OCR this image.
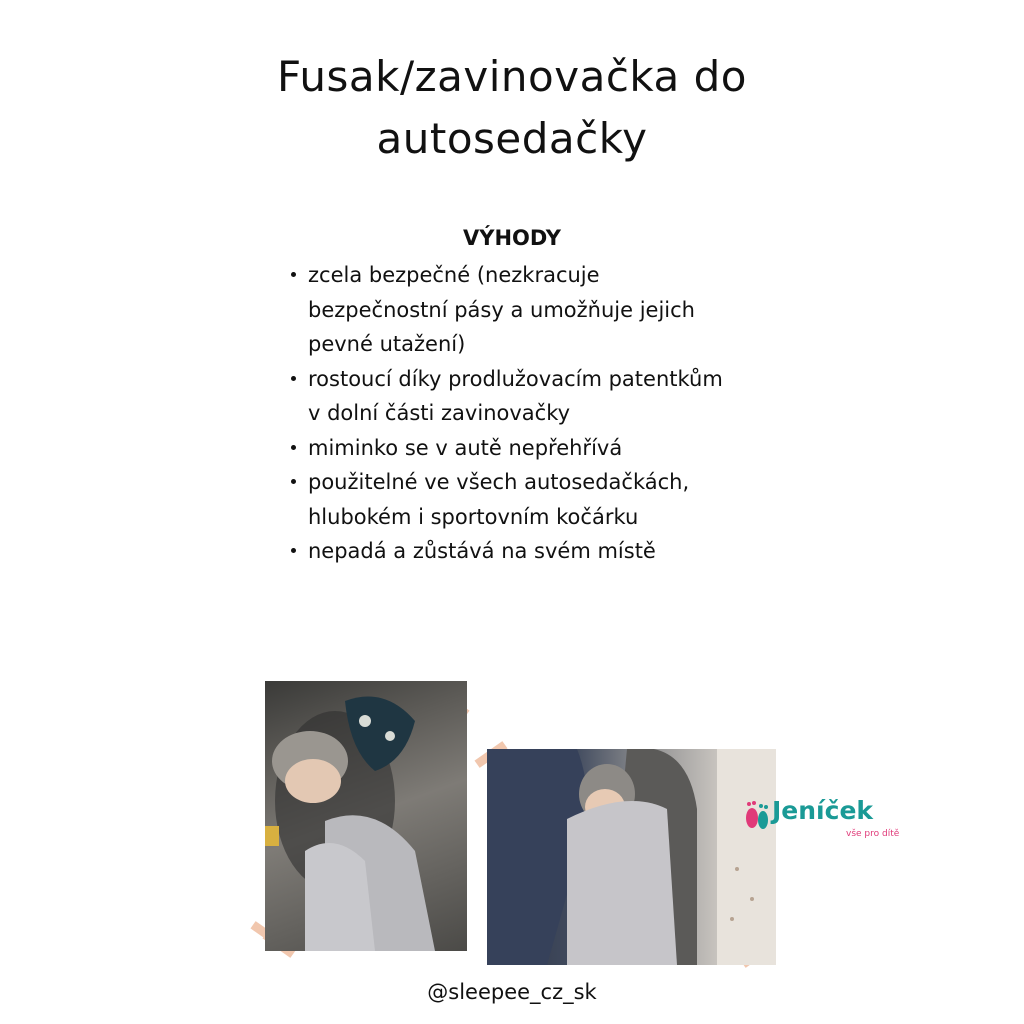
Fusak/zavinovačka do
autosedačky
VÝHODY
zcela bezpečné (nezkracuje bezpečnostní pásy a umožňuje jejich pevné utažení)
rostoucí díky prodlužovacím patentkům v dolní části zavinovačky
miminko se v autě nepřehřívá
použitelné ve všech autosedačkách, hlubokém i sportovním kočárku
nepadá a zůstává na svém místě
Jeníček
vše pro dítě

@sleepee_cz_sk
